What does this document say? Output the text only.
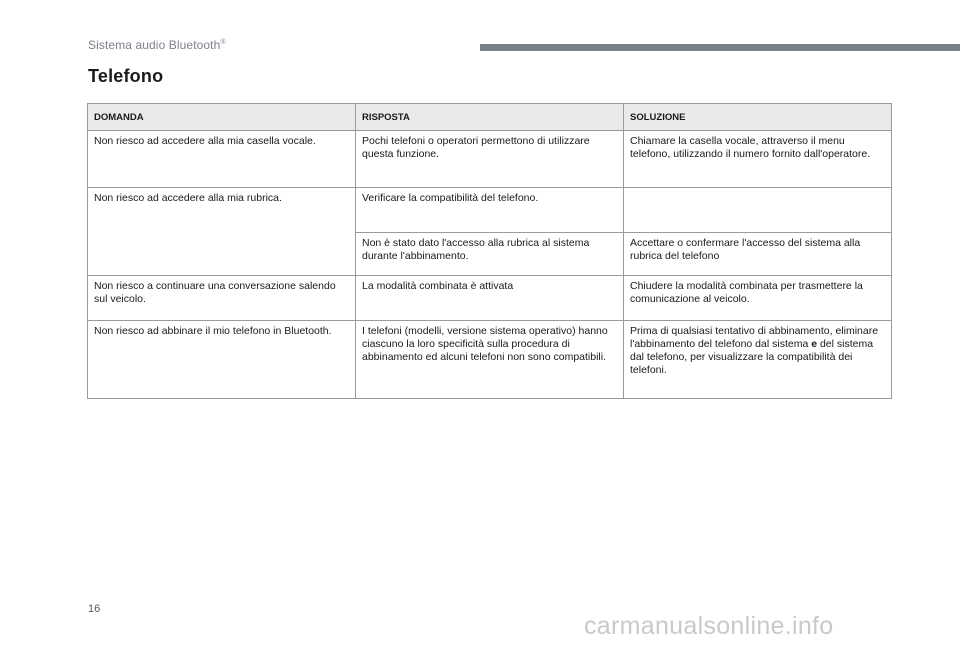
Sistema audio Bluetooth®
Telefono
DOMANDA	RISPOSTA	SOLUZIONE
Non riesco ad accedere alla mia casella vocale.	Pochi telefoni o operatori permettono di utilizzare questa funzione.	Chiamare la casella vocale, attraverso il menu telefono, utilizzando il numero fornito dall'operatore.
Non riesco ad accedere alla mia rubrica.	Verificare la compatibilità del telefono.	
	Non è stato dato l'accesso alla rubrica al sistema durante l'abbinamento.	Accettare o confermare l'accesso del sistema alla rubrica del telefono
Non riesco a continuare una conversazione salendo sul veicolo.	La modalità combinata è attivata	Chiudere la modalità combinata per trasmettere la comunicazione al veicolo.
Non riesco ad abbinare il mio telefono in Bluetooth.	I telefoni (modelli, versione sistema operativo) hanno ciascuno la loro specificità sulla procedura di abbinamento ed alcuni telefoni non sono compatibili.	Prima di qualsiasi tentativo di abbinamento, eliminare l'abbinamento del telefono dal sistema e del sistema dal telefono, per visualizzare la compatibilità dei telefoni.
16
carmanualsonline.info
